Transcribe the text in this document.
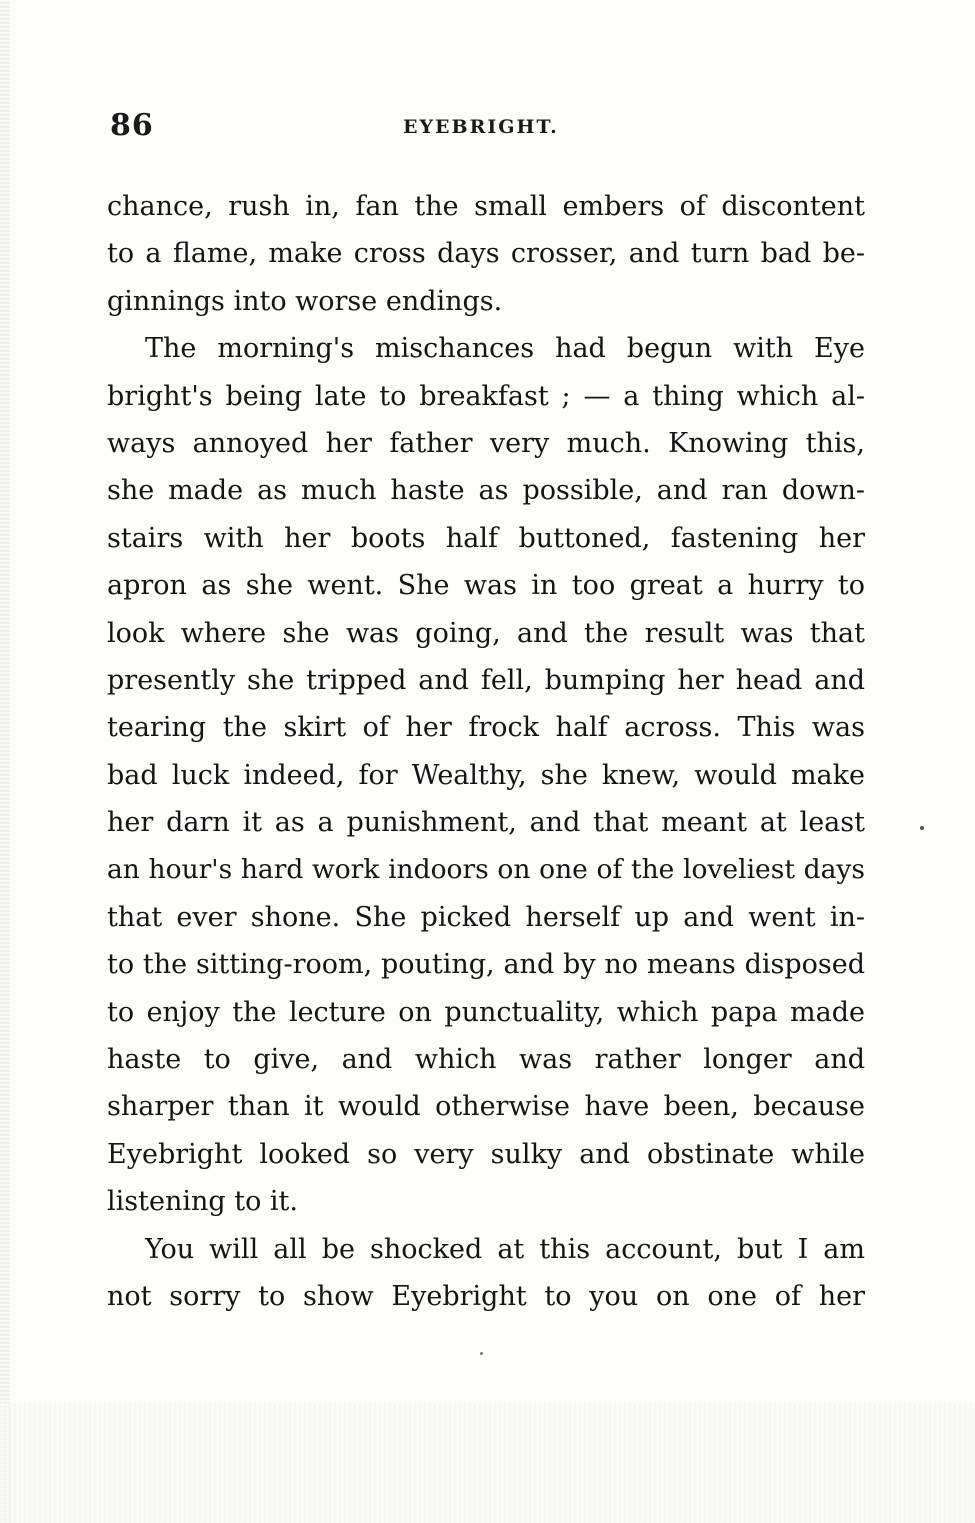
86	EYEBRIGHT.
chance, rush in, fan the small embers of discontent
to a flame, make cross days crosser, and turn bad be-
ginnings into worse endings.
The morning's mischances had begun with Eye
bright's being late to breakfast ; — a thing which al-
ways annoyed her father very much. Knowing this,
she made as much haste as possible, and ran down-
stairs with her boots half buttoned, fastening her
apron as she went. She was in too great a hurry to
look where she was going, and the result was that
presently she tripped and fell, bumping her head and
tearing the skirt of her frock half across. This was
bad luck indeed, for Wealthy, she knew, would make
her darn it as a punishment, and that meant at least
an hour's hard work indoors on one of the loveliest days
that ever shone. She picked herself up and went in-
to the sitting-room, pouting, and by no means disposed
to enjoy the lecture on punctuality, which papa made
haste to give, and which was rather longer and
sharper than it would otherwise have been, because
Eyebright looked so very sulky and obstinate while
listening to it.
You will all be shocked at this account, but I am
not sorry to show Eyebright to you on one of her
